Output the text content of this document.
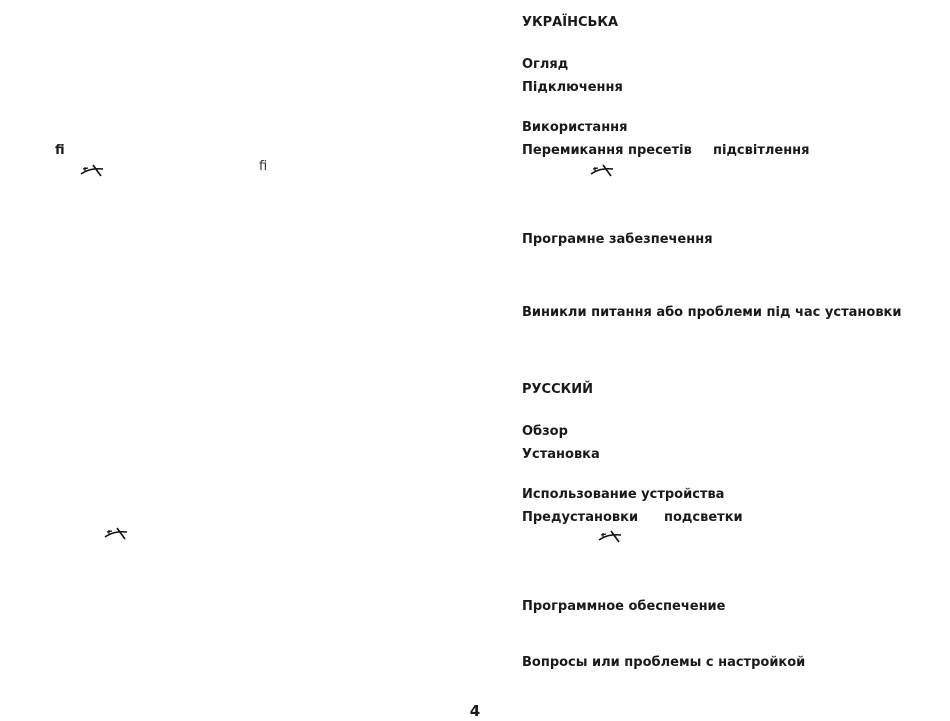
fi
fi
УКРАЇНСЬКА
Огляд
Підключення
Використання
Перемикання пресетів підсвітлення
Програмне забезпечення
Виникли питання або проблеми під час установки
РУССКИЙ
Обзор
Установка
Использование устройства
Предустановки подсветки
Программное обеспечение
Вопросы или проблемы с настройкой
4
